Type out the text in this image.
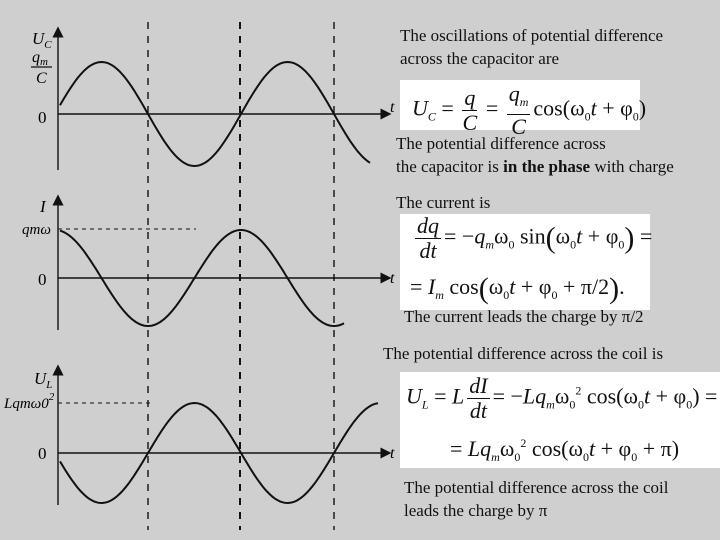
$U_C$
qm
C
0
t
I
qmω
0	t
$U_L$
$Lqm\omega 0^2$
0	t
The oscillations of potential difference
across the capacitor are
$U_C = \frac{q}{C} = \frac{q_m}{C} \cos(\omega_0t + \varphi_0)$
The potential difference across
the capacitor is in the phase with charge
The current is
$\frac{dq}{dt} = -q_m\omega_0$ $\sin(\omega_0t + \varphi_0)$ =
= $I_m$ $\cos(\omega_0t + \varphi_0 + \pi/2)$.
The current leads the charge by π/2
The potential difference across the coil is
$U_L = L \frac{dI}{dt} = -Lq_m\omega_0^2$ $\cos(\omega_0t + \varphi_0)$ =
= $Lq_m\omega_0^2$ $\cos(\omega_0t + \varphi_0 + \pi)$
The potential difference across the coil
leads the charge by π
